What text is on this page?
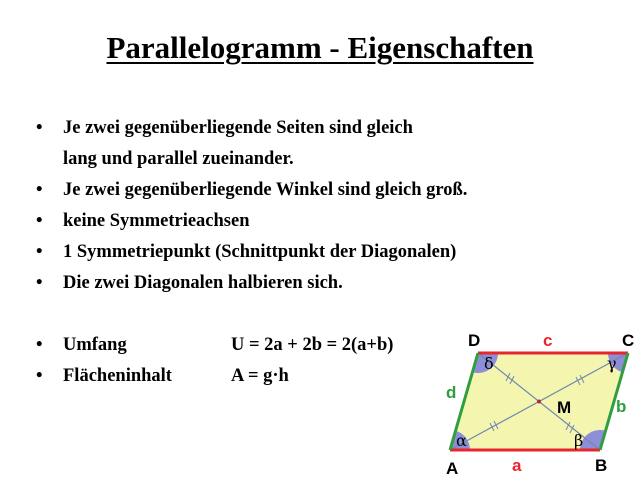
Parallelogramm - Eigenschaften
• Je zwei gegenüberliegende Seiten sind gleich
lang und parallel zueinander.
• Je zwei gegenüberliegende Winkel sind gleich groß.
• keine Symmetrieachsen
• 1 Symmetriepunkt (Schnittpunkt der Diagonalen)
• Die zwei Diagonalen halbieren sich.
• Umfang	U = 2a + 2b = 2(a+b)
• Flächeninhalt	A = g·h
A	B
C
D
a
c
b
d
M
α	β
γ
δ
